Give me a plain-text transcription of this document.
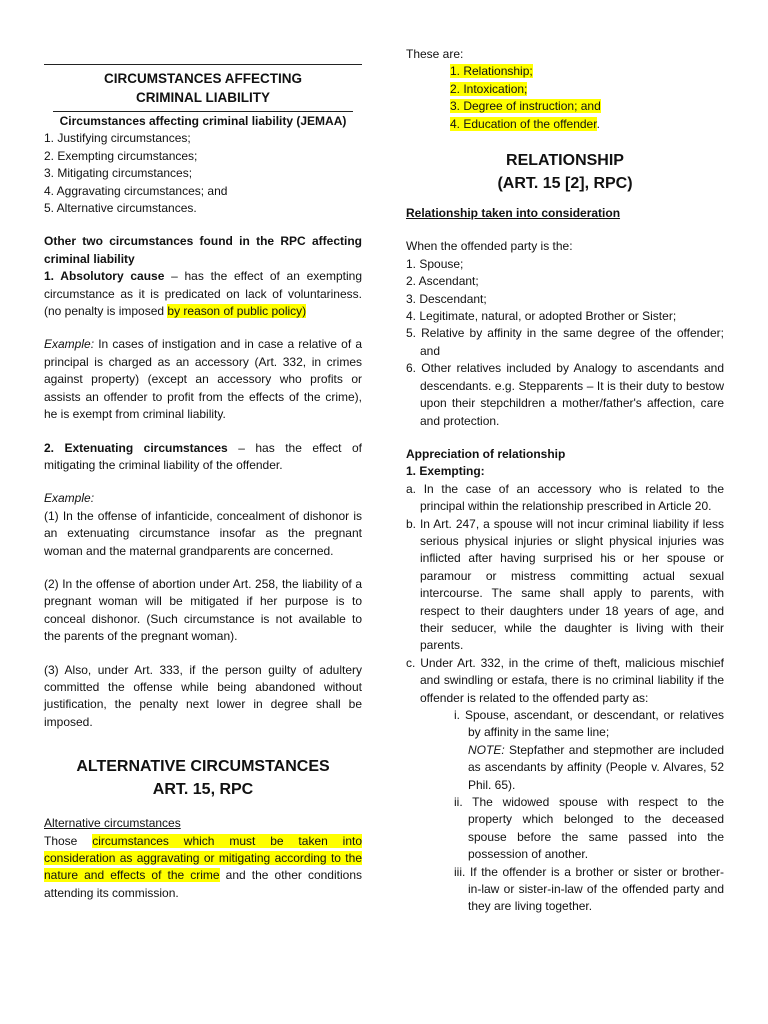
CIRCUMSTANCES AFFECTING

CRIMINAL LIABILITY

Circumstances affecting criminal liability (JEMAA)

1. Justifying circumstances;

2. Exempting circumstances;

3. Mitigating circumstances;

4. Aggravating circumstances; and

5. Alternative circumstances.

Other two circumstances found in the RPC affecting criminal liability

1. Absolutory cause – has the effect of an exempting circumstance as it is predicated on lack of voluntariness. (no penalty is imposed by reason of public policy)

Example: In cases of instigation and in case a relative of a principal is charged as an accessory (Art. 332, in crimes against property) (except an accessory who profits or assists an offender to profit from the effects of the crime), he is exempt from criminal liability.

2. Extenuating circumstances – has the effect of mitigating the criminal liability of the offender.

Example:

(1) In the offense of infanticide, concealment of dishonor is an extenuating circumstance insofar as the pregnant woman and the maternal grandparents are concerned.

(2) In the offense of abortion under Art. 258, the liability of a pregnant woman will be mitigated if her purpose is to conceal dishonor. (Such circumstance is not available to the parents of the pregnant woman).

(3) Also, under Art. 333, if the person guilty of adultery committed the offense while being abandoned without justification, the penalty next lower in degree shall be imposed.

ALTERNATIVE CIRCUMSTANCES

ART. 15, RPC

Alternative circumstances

Those circumstances which must be taken into consideration as aggravating or mitigating according to the nature and effects of the crime and the other conditions attending its commission.

These are:

1. Relationship;

2. Intoxication;

3. Degree of instruction; and

4. Education of the offender.

RELATIONSHIP

(ART. 15 [2], RPC)

Relationship taken into consideration

When the offended party is the:

1. Spouse;

2. Ascendant;

3. Descendant;

4. Legitimate, natural, or adopted Brother or Sister;

5. Relative by affinity in the same degree of the offender; and

6. Other relatives included by Analogy to ascendants and descendants. e.g. Stepparents – It is their duty to bestow upon their stepchildren a mother/father's affection, care and protection.

Appreciation of relationship

1. Exempting:

a. In the case of an accessory who is related to the principal within the relationship prescribed in Article 20.

b. In Art. 247, a spouse will not incur criminal liability if less serious physical injuries or slight physical injuries was inflicted after having surprised his or her spouse or paramour or mistress committing actual sexual intercourse. The same shall apply to parents, with respect to their daughters under 18 years of age, and their seducer, while the daughter is living with their parents.

c. Under Art. 332, in the crime of theft, malicious mischief and swindling or estafa, there is no criminal liability if the offender is related to the offended party as:

i. Spouse, ascendant, or descendant, or relatives by affinity in the same line;

NOTE: Stepfather and stepmother are included as ascendants by affinity (People v. Alvares, 52 Phil. 65).

ii. The widowed spouse with respect to the property which belonged to the deceased spouse before the same passed into the possession of another.

iii. If the offender is a brother or sister or brother-in-law or sister-in-law of the offended party and they are living together.
